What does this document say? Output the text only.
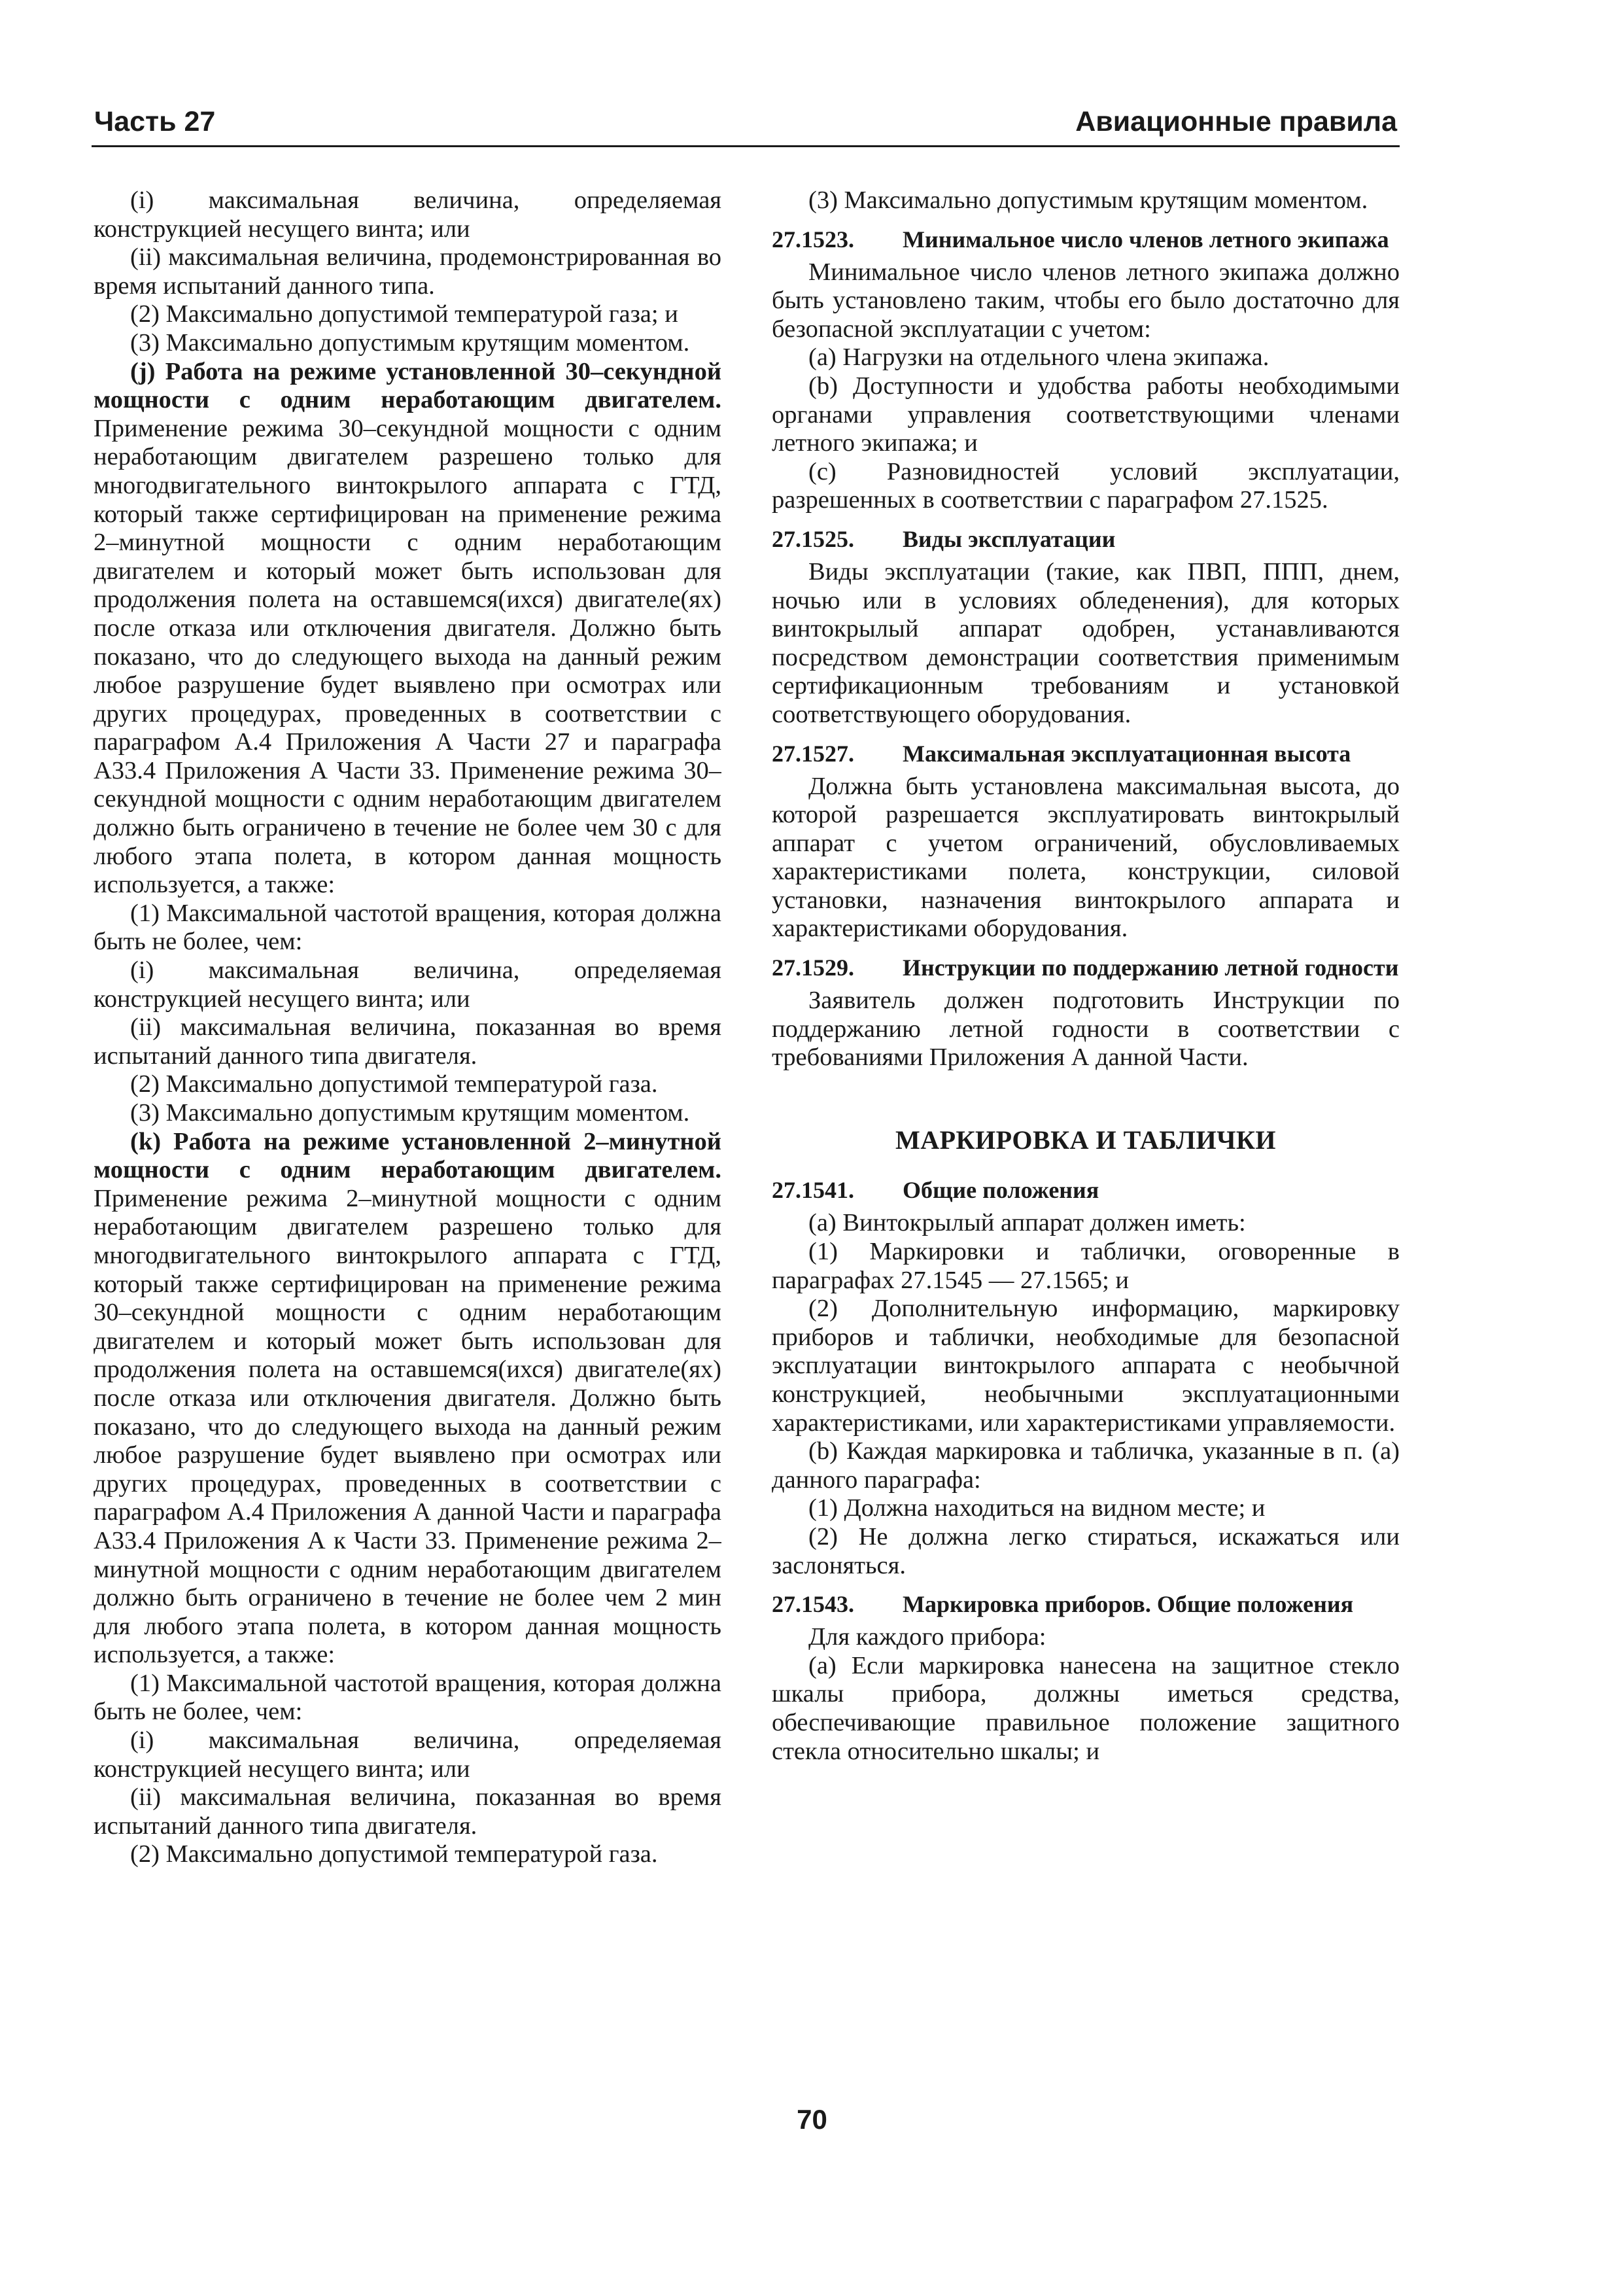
Часть 27	Авиационные правила

(i) максимальная величина, определяемая конструкцией несущего винта; или

(ii) максимальная величина, продемонстрированная во время испытаний данного типа.

(2) Максимально допустимой температурой газа; и

(3) Максимально допустимым крутящим моментом.

(j) Работа на режиме установленной 30–секундной мощности с одним неработающим двигателем. Применение режима 30–секундной мощности с одним неработающим двигателем разрешено только для многодвигательного винтокрылого аппарата с ГТД, который также сертифицирован на применение режима 2–минутной мощности с одним неработающим двигателем и который может быть использован для продолжения полета на оставшемся(ихся) двигателе(ях) после отказа или отключения двигателя. Должно быть показано, что до следующего выхода на данный режим любое разрушение будет выявлено при осмотрах или других процедурах, проведенных в соответствии с параграфом А.4 Приложения А Части 27 и параграфа А33.4 Приложения А Части 33. Применение режима 30–секундной мощности с одним неработающим двигателем должно быть ограничено в течение не более чем 30 с для любого этапа полета, в котором данная мощность используется, а также:

(1) Максимальной частотой вращения, которая должна быть не более, чем:

(i) максимальная величина, определяемая конструкцией несущего винта; или

(ii) максимальная величина, показанная во время испытаний данного типа двигателя.

(2) Максимально допустимой температурой газа.

(3) Максимально допустимым крутящим моментом.

(k) Работа на режиме установленной 2–минутной мощности с одним неработающим двигателем. Применение режима 2–минутной мощности с одним неработающим двигателем разрешено только для многодвигательного винтокрылого аппарата с ГТД, который также сертифицирован на применение режима 30–секундной мощности с одним неработающим двигателем и который может быть использован для продолжения полета на оставшемся(ихся) двигателе(ях) после отказа или отключения двигателя. Должно быть показано, что до следующего выхода на данный режим любое разрушение будет выявлено при осмотрах или других процедурах, проведенных в соответствии с параграфом А.4 Приложения А данной Части и параграфа А33.4 Приложения А к Части 33. Применение режима 2–минутной мощности с одним неработающим двигателем должно быть ограничено в течение не более чем 2 мин для любого этапа полета, в котором данная мощность используется, а также:

(1) Максимальной частотой вращения, которая должна быть не более, чем:

(i) максимальная величина, определяемая конструкцией несущего винта; или

(ii) максимальная величина, показанная во время испытаний данного типа двигателя.

(2) Максимально допустимой температурой газа.

(3) Максимально допустимым крутящим моментом.

27.1523. Минимальное число членов летного экипажа

Минимальное число членов летного экипажа должно быть установлено таким, чтобы его было достаточно для безопасной эксплуатации с учетом:

(a) Нагрузки на отдельного члена экипажа.

(b) Доступности и удобства работы необходимыми органами управления соответствующими членами летного экипажа; и

(c) Разновидностей условий эксплуатации, разрешенных в соответствии с параграфом 27.1525.

27.1525. Виды эксплуатации

Виды эксплуатации (такие, как ПВП, ППП, днем, ночью или в условиях обледенения), для которых винтокрылый аппарат одобрен, устанавливаются посредством демонстрации соответствия применимым сертификационным требованиям и установкой соответствующего оборудования.

27.1527. Максимальная эксплуатационная высота

Должна быть установлена максимальная высота, до которой разрешается эксплуатировать винтокрылый аппарат с учетом ограничений, обусловливаемых характеристиками полета, конструкции, силовой установки, назначения винтокрылого аппарата и характеристиками оборудования.

27.1529. Инструкции по поддержанию летной годности

Заявитель должен подготовить Инструкции по поддержанию летной годности в соответствии с требованиями Приложения А данной Части.

МАРКИРОВКА И ТАБЛИЧКИ
27.1541. Общие положения

(a) Винтокрылый аппарат должен иметь:

(1) Маркировки и таблички, оговоренные в параграфах 27.1545 — 27.1565; и

(2) Дополнительную информацию, маркировку приборов и таблички, необходимые для безопасной эксплуатации винтокрылого аппарата с необычной конструкцией, необычными эксплуатационными характеристиками, или характеристиками управляемости.

(b) Каждая маркировка и табличка, указанные в п. (a) данного параграфа:

(1) Должна находиться на видном месте; и

(2) Не должна легко стираться, искажаться или заслоняться.

27.1543. Маркировка приборов. Общие положения

Для каждого прибора:

(a) Если маркировка нанесена на защитное стекло шкалы прибора, должны иметься средства, обеспечивающие правильное положение защитного стекла относительно шкалы; и

70
